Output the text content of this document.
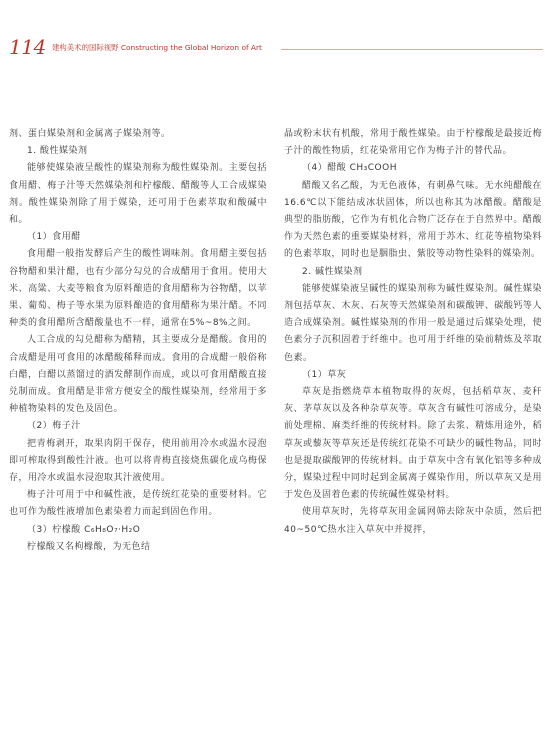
114 建构美术的国际视野 Constructing the Global Horizon of Art

剂、蛋白媒染剂和金属离子媒染剂等。

1. 酸性媒染剂

能够使媒染液呈酸性的媒染剂称为酸性媒染剂。主要包括食用醋、梅子汁等天然媒染剂和柠檬酸、醋酸等人工合成媒染剂。酸性媒染剂除了用于媒染，还可用于色素萃取和酸碱中和。

（1）食用醋

食用醋一般指发酵后产生的酸性调味剂。食用醋主要包括谷物醋和果汁醋，也有少部分勾兑的合成醋用于食用。使用大米、高粱、大麦等粮食为原料酿造的食用醋称为谷物醋，以苹果、葡萄、梅子等水果为原料酿造的食用醋称为果汁醋。不同种类的食用醋所含醋酸量也不一样，通常在5%~8%之间。

人工合成的勾兑醋称为醋精，其主要成分是醋酸。食用的合成醋是用可食用的冰醋酸稀释而成。食用的合成醋一般俗称白醋，白醋以蒸馏过的酒发酵制作而成，或以可食用醋酸直接兑制而成。食用醋是非常方便安全的酸性媒染剂，经常用于多种植物染料的发色及固色。

（2）梅子汁

把青梅剥开，取果肉阴干保存，使用前用冷水或温水浸泡即可榨取得到酸性汁液。也可以将青梅直接烧焦碳化成乌梅保存，用冷水或温水浸泡取其汁液使用。

梅子汁可用于中和碱性液，是传统红花染的重要材料。它也可作为酸性液增加色素染着力而起到固色作用。

（3）柠檬酸 C₆H₈O₇·H₂O

柠檬酸又名枸橼酸，为无色结

晶或粉末状有机酸，常用于酸性媒染。由于柠檬酸是最接近梅子汁的酸性物质，红花染常用它作为梅子汁的替代品。

（4）醋酸 CH₃COOH

醋酸又名乙酸，为无色液体，有刺鼻气味。无水纯醋酸在16.6℃以下能结成冰状固体，所以也称其为冰醋酸。醋酸是典型的脂肪酸，它作为有机化合物广泛存在于自然界中。醋酸作为天然色素的重要媒染材料，常用于苏木、红花等植物染料的色素萃取，同时也是胭脂虫、紫胶等动物性染料的媒染剂。

2. 碱性媒染剂

能够使媒染液呈碱性的媒染剂称为碱性媒染剂。碱性媒染剂包括草灰、木灰、石灰等天然媒染剂和碳酸钾、碳酸钙等人造合成媒染剂。碱性媒染剂的作用一般是通过后媒染处理，使色素分子沉积固着于纤维中。也可用于纤维的染前精炼及萃取色素。

（1）草灰

草灰是指燃烧草本植物取得的灰烬，包括稻草灰、麦秆灰、茅草灰以及各种杂草灰等。草灰含有碱性可溶成分，是染前处理棉、麻类纤维的传统材料。除了去浆、精炼用途外，稻草灰或藜灰等草灰还是传统红花染不可缺少的碱性物品，同时也是提取碳酸钾的传统材料。由于草灰中含有氧化铝等多种成分，媒染过程中同时起到金属离子媒染作用，所以草灰又是用于发色及固着色素的传统碱性媒染材料。

使用草灰时，先将草灰用金属网筛去除灰中杂质，然后把40~50℃热水注入草灰中并搅拌，
